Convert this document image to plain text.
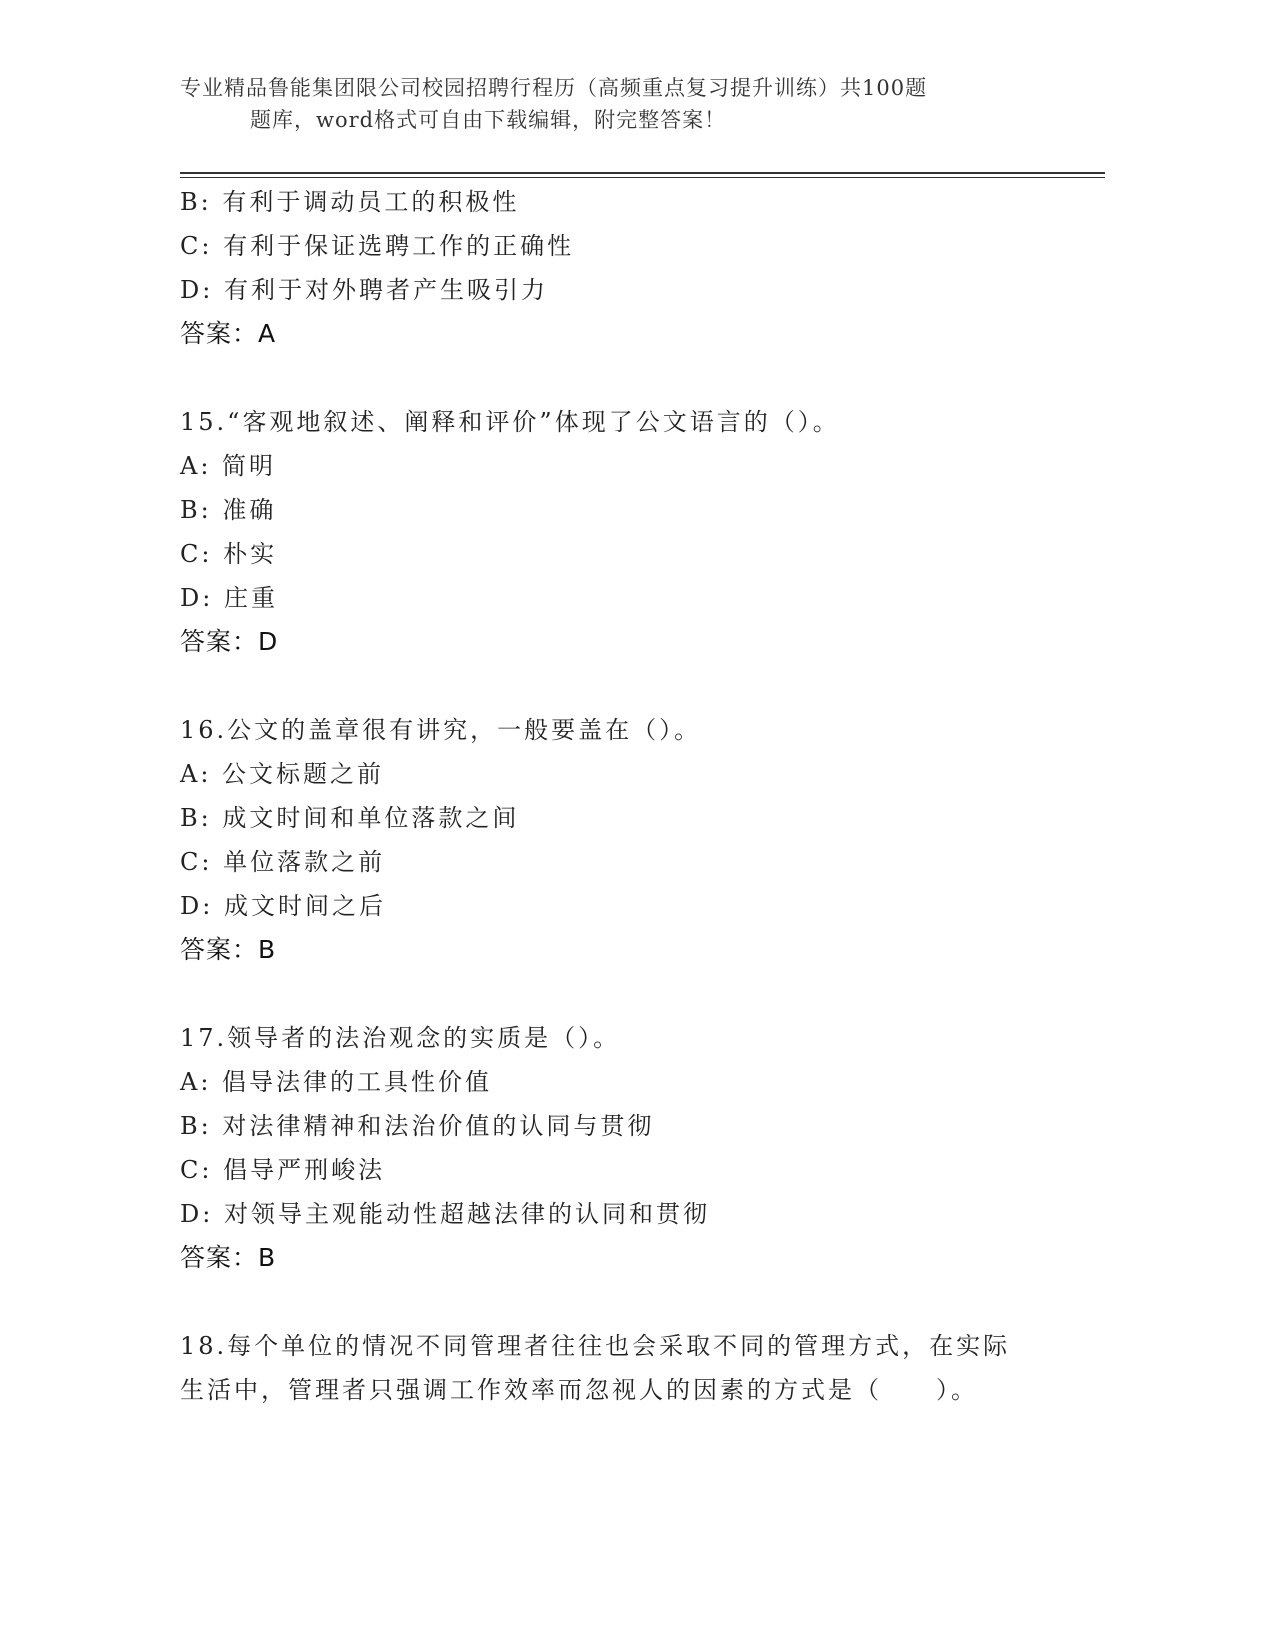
专业精品鲁能集团限公司校园招聘行程历（高频重点复习提升训练）共100题
题库，word格式可自由下载编辑，附完整答案！
B: 有利于调动员工的积极性
C: 有利于保证选聘工作的正确性
D: 有利于对外聘者产生吸引力
答案：A
15.“客观地叙述、阐释和评价”体现了公文语言的（）。
A: 简明
B: 准确
C: 朴实
D: 庄重
答案：D
16.公文的盖章很有讲究，一般要盖在（）。
A: 公文标题之前
B: 成文时间和单位落款之间
C: 单位落款之前
D: 成文时间之后
答案：B
17.领导者的法治观念的实质是（）。
A: 倡导法律的工具性价值
B: 对法律精神和法治价值的认同与贯彻
C: 倡导严刑峻法
D: 对领导主观能动性超越法律的认同和贯彻
答案：B
18.每个单位的情况不同管理者往往也会采取不同的管理方式，在实际
生活中，管理者只强调工作效率而忽视人的因素的方式是（　　）。
